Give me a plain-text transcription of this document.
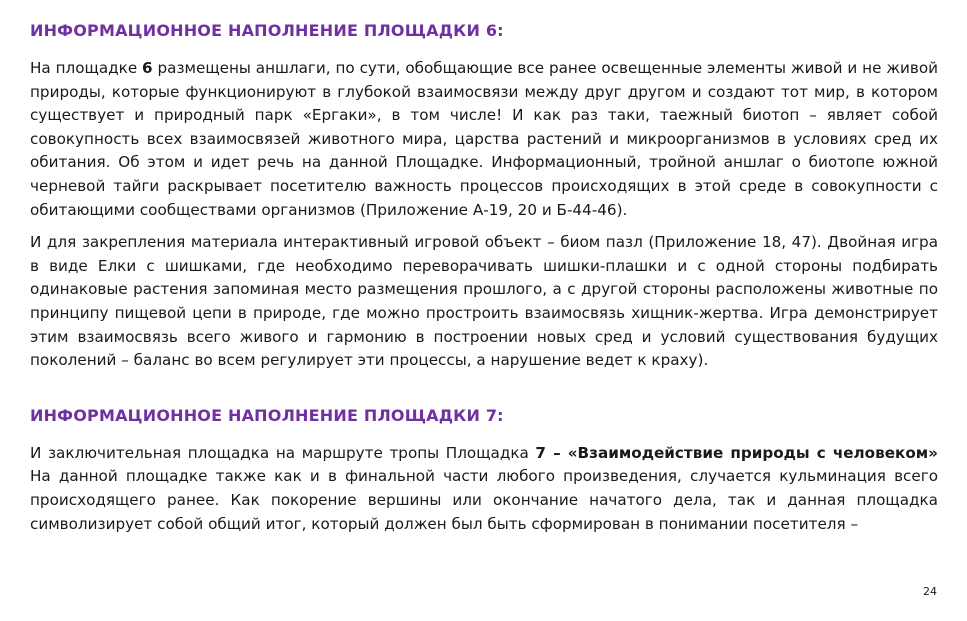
ИНФОРМАЦИОННОЕ НАПОЛНЕНИЕ ПЛОЩАДКИ 6:

На площадке 6 размещены аншлаги, по сути, обобщающие все ранее освещенные элементы живой и не живой природы, которые функционируют в глубокой взаимосвязи между друг другом и создают тот мир, в котором существует и природный парк «Ергаки», в том числе! И как раз таки, таежный биотоп – являет собой совокупность всех взаимосвязей животного мира, царства растений и микроорганизмов в условиях сред их обитания. Об этом и идет речь на данной Площадке. Информационный, тройной аншлаг о биотопе южной черневой тайги раскрывает посетителю важность процессов происходящих в этой среде в совокупности с обитающими сообществами организмов (Приложение А-19, 20 и Б-44-46).

И для закрепления материала интерактивный игровой объект – биом пазл (Приложение 18, 47). Двойная игра в виде Елки с шишками, где необходимо переворачивать шишки-плашки и с одной стороны подбирать одинаковые растения запоминая место размещения прошлого, а с другой стороны расположены животные по принципу пищевой цепи в природе, где можно простроить взаимосвязь хищник-жертва. Игра демонстрирует этим взаимосвязь всего живого и гармонию в построении новых сред и условий существования будущих поколений – баланс во всем регулирует эти процессы, а нарушение ведет к краху).

ИНФОРМАЦИОННОЕ НАПОЛНЕНИЕ ПЛОЩАДКИ 7:

И заключительная площадка на маршруте тропы Площадка 7 – «Взаимодействие природы с человеком» На данной площадке также как и в финальной части любого произведения, случается кульминация всего происходящего ранее. Как покорение вершины или окончание начатого дела, так и данная площадка символизирует собой общий итог, который должен был быть сформирован в понимании посетителя –

24
